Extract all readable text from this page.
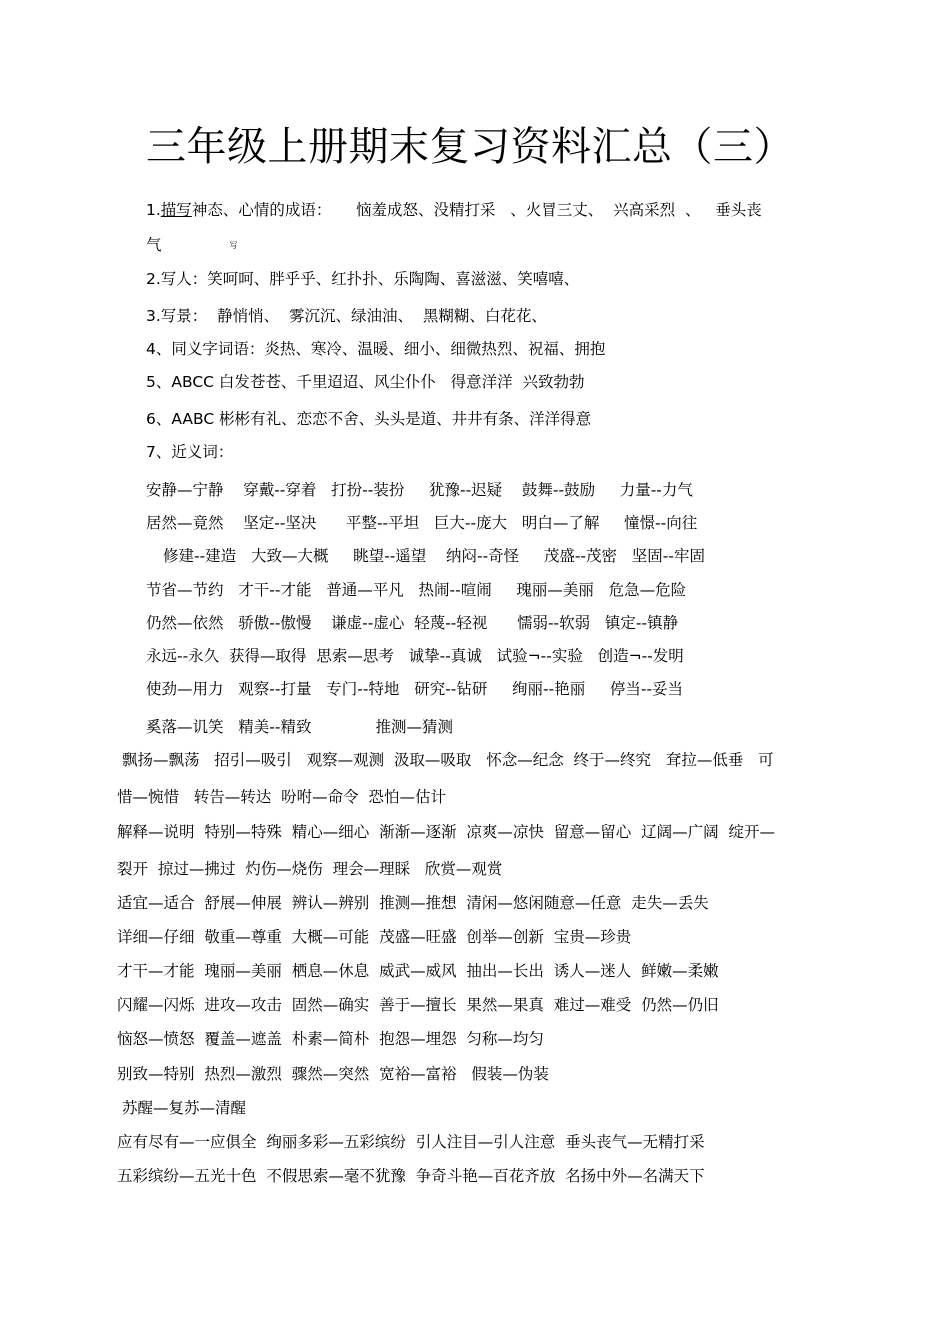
三年级上册期末复习资料汇总（三）
1.描写神态、心情的成语：     恼羞成怒、没精打采   、火冒三丈、  兴高采烈  、   垂头丧
气	写
2.写人：笑呵呵、胖乎乎、红扑扑、乐陶陶、喜滋滋、笑嘻嘻、
3.写景：  静悄悄、  雾沉沉、绿油油、  黑糊糊、白花花、
4、同义字词语：炎热、寒冷、温暖、细小、细微热烈、祝福、拥抱
5、ABCC 白发苍苍、千里迢迢、风尘仆仆   得意洋洋  兴致勃勃
6、AABC 彬彬有礼、恋恋不舍、头头是道、井井有条、洋洋得意
7、近义词：
安静—宁静    穿戴--穿着   打扮--装扮     犹豫--迟疑    鼓舞--鼓励     力量--力气
居然—竟然    坚定--坚决      平整--平坦   巨大--庞大   明白—了解     憧憬--向往
修建--建造   大致—大概     眺望--遥望    纳闷--奇怪     茂盛--茂密   坚固--牢固
节省—节约   才干--才能   普通—平凡   热闹--喧闹     瑰丽—美丽   危急—危险
仍然—依然   骄傲--傲慢    谦虚--虚心  轻蔑--轻视      懦弱--软弱   镇定--镇静
永远--永久  获得—取得  思索—思考   诚挚--真诚   试验¬--实验   创造¬--发明
使劲—用力   观察--打量   专门--特地   研究--钻研     绚丽--艳丽     停当--妥当
奚落—讥笑   精美--精致             推测—猜测
飘扬—飘荡   招引—吸引   观察—观测  汲取—吸取   怀念—纪念  终于—终究   耷拉—低垂   可
惜—惋惜   转告—转达  吩咐—命令  恐怕—估计
解释—说明  特别—特殊  精心—细心  渐渐—逐渐  凉爽—凉快  留意—留心  辽阔—广阔  绽开—
裂开  掠过—拂过  灼伤—烧伤  理会—理睬   欣赏—观赏
适宜—适合  舒展—伸展  辨认—辨别  推测—推想  清闲—悠闲随意—任意  走失—丢失
详细—仔细  敬重—尊重  大概—可能  茂盛—旺盛  创举—创新  宝贵—珍贵
才干—才能  瑰丽—美丽  栖息—休息  威武—威风  抽出—长出  诱人—迷人  鲜嫩—柔嫩
闪耀—闪烁  进攻—攻击  固然—确实  善于—擅长  果然—果真  难过—难受  仍然—仍旧
恼怒—愤怒  覆盖—遮盖  朴素—简朴  抱怨—埋怨  匀称—均匀
别致—特别  热烈—激烈  骤然—突然  宽裕—富裕   假装—伪装
苏醒—复苏—清醒
应有尽有—一应俱全  绚丽多彩—五彩缤纷  引人注目—引人注意  垂头丧气—无精打采
五彩缤纷—五光十色  不假思索—毫不犹豫  争奇斗艳—百花齐放  名扬中外—名满天下
